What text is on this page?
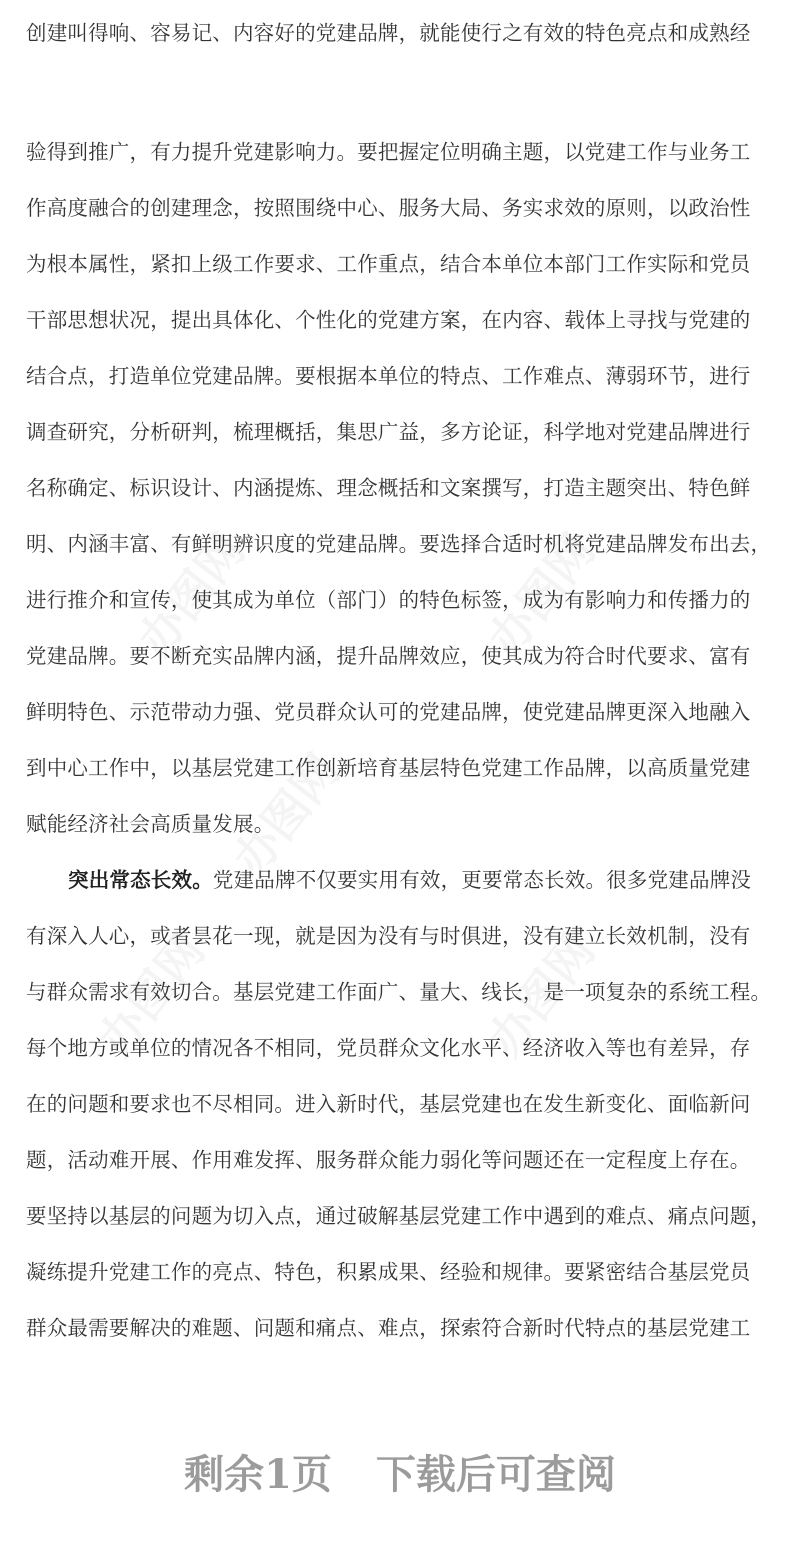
创建叫得响、容易记、内容好的党建品牌，就能使行之有效的特色亮点和成熟经
验得到推广，有力提升党建影响力。要把握定位明确主题，以党建工作与业务工
作高度融合的创建理念，按照围绕中心、服务大局、务实求效的原则，以政治性
为根本属性，紧扣上级工作要求、工作重点，结合本单位本部门工作实际和党员
干部思想状况，提出具体化、个性化的党建方案，在内容、载体上寻找与党建的
结合点，打造单位党建品牌。要根据本单位的特点、工作难点、薄弱环节，进行
调查研究，分析研判，梳理概括，集思广益，多方论证，科学地对党建品牌进行
名称确定、标识设计、内涵提炼、理念概括和文案撰写，打造主题突出、特色鲜
明、内涵丰富、有鲜明辨识度的党建品牌。要选择合适时机将党建品牌发布出去，
进行推介和宣传，使其成为单位（部门）的特色标签，成为有影响力和传播力的
党建品牌。要不断充实品牌内涵，提升品牌效应，使其成为符合时代要求、富有
鲜明特色、示范带动力强、党员群众认可的党建品牌，使党建品牌更深入地融入
到中心工作中，以基层党建工作创新培育基层特色党建工作品牌，以高质量党建
赋能经济社会高质量发展。
突出常态长效。党建品牌不仅要实用有效，更要常态长效。很多党建品牌没
有深入人心，或者昙花一现，就是因为没有与时俱进，没有建立长效机制，没有
与群众需求有效切合。基层党建工作面广、量大、线长，是一项复杂的系统工程。
每个地方或单位的情况各不相同，党员群众文化水平、经济收入等也有差异，存
在的问题和要求也不尽相同。进入新时代，基层党建也在发生新变化、面临新问
题，活动难开展、作用难发挥、服务群众能力弱化等问题还在一定程度上存在。
要坚持以基层的问题为切入点，通过破解基层党建工作中遇到的难点、痛点问题，
凝练提升党建工作的亮点、特色，积累成果、经验和规律。要紧密结合基层党员
群众最需要解决的难题、问题和痛点、难点，探索符合新时代特点的基层党建工
剩余1页 下载后可查阅
